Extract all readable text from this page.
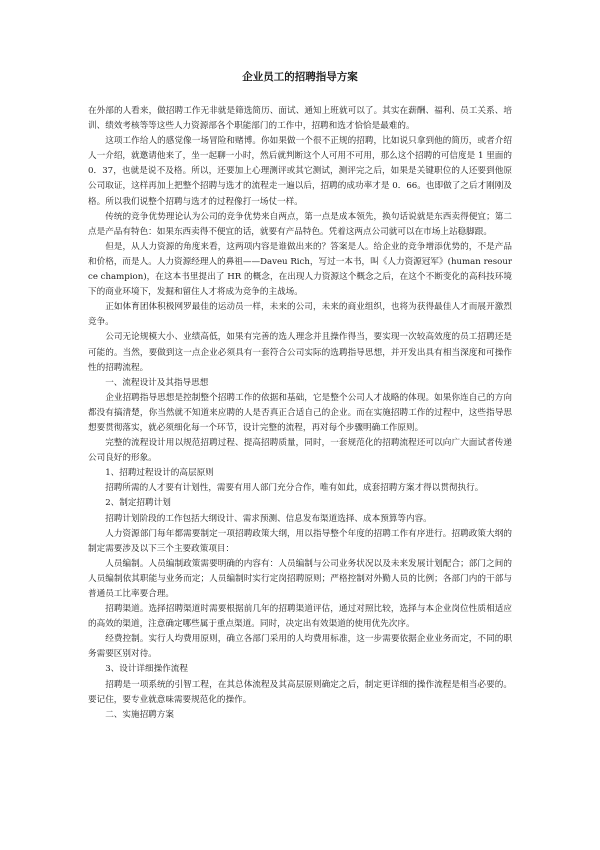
企业员工的招聘指导方案

在外部的人看来，做招聘工作无非就是筛选简历、面试、通知上班就可以了。其实在薪酬、福利、员工关系、培训、绩效考核等等这些人力资源部各个职能部门的工作中，招聘和选才恰恰是最难的。

这项工作给人的感觉像一场冒险和赌博。你如果做一个很不正规的招聘，比如说只拿到他的简历，或者介绍人一介绍，就邀请他来了，坐一起聊一小时，然后就判断这个人可用不可用，那么这个招聘的可信度是 1 里面的 0．37，也就是说不及格。所以，还要加上心理测评或其它测试，测评完之后，如果是关键职位的人还要到他原公司取证，这样再加上把整个招聘与选才的流程走一遍以后，招聘的成功率才是 0．66。也即做了之后才刚刚及格。所以我们说整个招聘与选才的过程像打一场仗一样。

传统的竞争优势理论认为公司的竞争优势来自两点，第一点是成本领先，换句话说就是东西卖得便宜；第二点是产品有特色：如果东西卖得不便宜的话，就要有产品特色。凭着这两点公司就可以在市场上站稳脚跟。

但是，从人力资源的角度来看，这两项内容是谁做出来的？答案是人。给企业的竞争增添优势的，不是产品和价格，而是人。人力资源经理人的鼻祖——Daveu Rich，写过一本书，叫《人力资源冠军》(human resource champion)，在这本书里提出了 HR 的概念，在出现人力资源这个概念之后，在这个不断变化的高科技环境下的商业环境下，发掘和留住人才将成为竞争的主战场。

正如体育团体积极网罗最佳的运动员一样，未来的公司，未来的商业组织，也将为获得最佳人才而展开激烈竞争。

公司无论规模大小、业绩高低，如果有完善的选人理念并且操作得当，要实现一次较高效度的员工招聘还是可能的。当然，要做到这一点企业必须具有一套符合公司实际的选聘指导思想，并开发出具有相当深度和可操作性的招聘流程。

一、流程设计及其指导思想

企业招聘指导思想是控制整个招聘工作的依据和基础，它是整个公司人才战略的体现。如果你连自己的方向都没有搞清楚，你当然就不知道来应聘的人是否真正合适自己的企业。而在实施招聘工作的过程中，这些指导思想要贯彻落实，就必须细化每一个环节，设计完整的流程，再对每个步骤明确工作原则。

完整的流程设计用以规范招聘过程、提高招聘质量，同时，一套规范化的招聘流程还可以向广大面试者传递公司良好的形象。

1、招聘过程设计的高层原则

招聘所需的人才要有计划性，需要有用人部门充分合作，唯有如此，成套招聘方案才得以贯彻执行。

2、制定招聘计划

招聘计划阶段的工作包括大纲设计、需求预测、信息发布渠道选择、成本预算等内容。

人力资源部门每年都需要制定一项招聘政策大纲，用以指导整个年度的招聘工作有序进行。招聘政策大纲的制定需要涉及以下三个主要政策项目：

人员编制。人员编制政策需要明确的内容有：人员编制与公司业务状况以及未来发展计划配合；部门之间的人员编制依其职能与业务而定；人员编制时实行定岗招聘原则；严格控制对外勤人员的比例；各部门内的干部与普通员工比率要合理。

招聘渠道。选择招聘渠道时需要根据前几年的招聘渠道评估，通过对照比较，选择与本企业岗位性质相适应的高效的渠道，注意确定哪些属于重点渠道。同时，决定出有效渠道的使用优先次序。

经费控制。实行人均费用原则，确立各部门采用的人均费用标准，这一步需要依据企业业务而定，不同的职务需要区别对待。

3、设计详细操作流程

招聘是一项系统的引智工程，在其总体流程及其高层原则确定之后，制定更详细的操作流程是相当必要的。要记住，要专业就意味需要规范化的操作。

二、实施招聘方案
